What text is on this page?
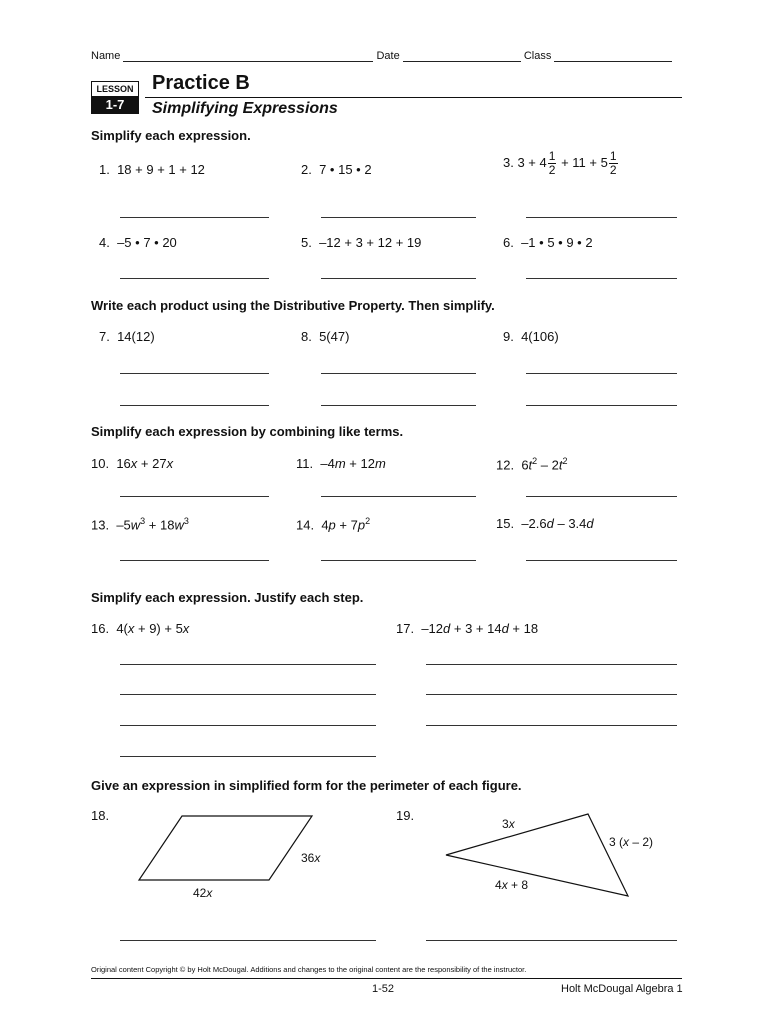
Name	Date	Class
LESSON
1-7
Practice B
Simplifying Expressions
Simplify each expression.
1. 18 + 9 + 1 + 12	2. 7 • 15 • 2	3. $3 + 4 \frac{1}{2} + 11 + 5 \frac{1}{2}$
4. –5 • 7 • 20	5. –12 + 3 + 12 + 19	6. –1 • 5 • 9 • 2
Write each product using the Distributive Property. Then simplify.
7. 14(12)	8. 5(47)	9. 4(106)
Simplify each expression by combining like terms.
10. 16x + 27x	11. –4m + 12m	12. $6t^2 - 2t^2$
13. $-5w^3 + 18w^3$	14. $4p + 7p^2$	15. –2.6d – 3.4d
Simplify each expression. Justify each step.
16. 4(x + 9) + 5x	17. –12d + 3 + 14d + 18
Give an expression in simplified form for the perimeter of each figure.
18.	19.
36x
42x
3x
3 (x – 2)
4x + 8
Original content Copyright © by Holt McDougal. Additions and changes to the original content are the responsibility of the instructor.
1-52	Holt McDougal Algebra 1
